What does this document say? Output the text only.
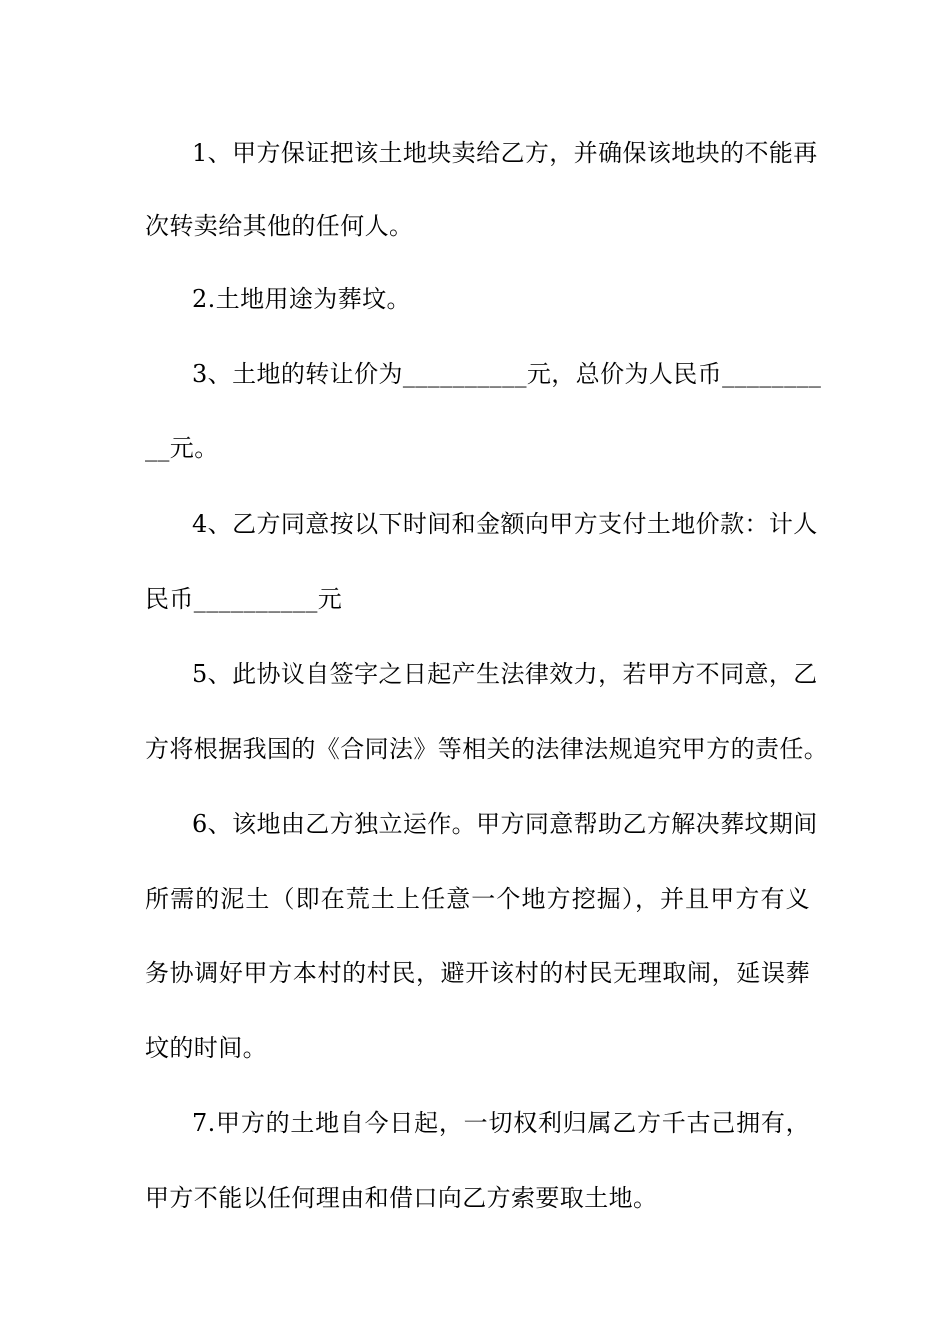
1、甲方保证把该土地块卖给乙方，并确保该地块的不能再
次转卖给其他的任何人。
2.土地用途为葬坟。
3、土地的转让价为__________元，总价为人民币________
__元。
4、乙方同意按以下时间和金额向甲方支付土地价款：计人
民币__________元
5、此协议自签字之日起产生法律效力，若甲方不同意，乙
方将根据我国的《合同法》等相关的法律法规追究甲方的责任。
6、该地由乙方独立运作。甲方同意帮助乙方解决葬坟期间
所需的泥土（即在荒土上任意一个地方挖掘），并且甲方有义
务协调好甲方本村的村民，避开该村的村民无理取闹，延误葬
坟的时间。
7.甲方的土地自今日起，一切权利归属乙方千古己拥有，
甲方不能以任何理由和借口向乙方索要取土地。
